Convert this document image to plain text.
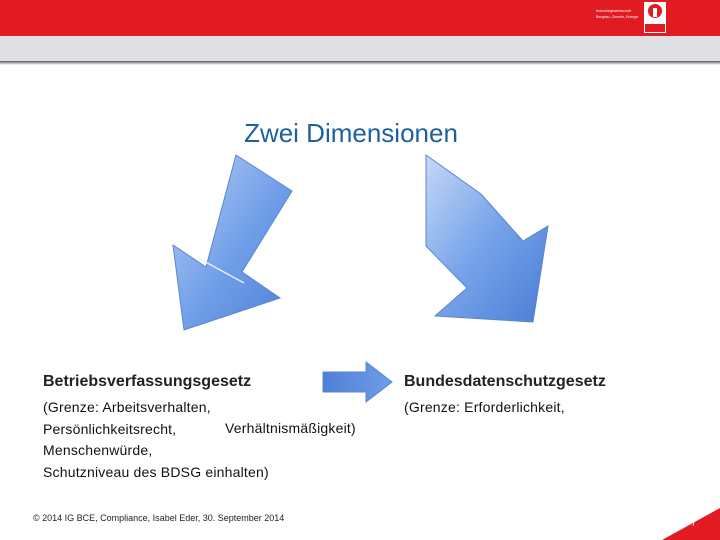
Industriegewerkschaft
Bergbau, Chemie, Energie
Zwei Dimensionen
Betriebsverfassungsgesetz	Bundesdatenschutzgesetz
(Grenze: Arbeitsverhalten,
Persönlichkeitsrecht,
Menschenwürde,
Schutzniveau des BDSG einhalten)
(Grenze: Erforderlichkeit,
Verhältnismäßigkeit)
© 2014 IG BCE, Compliance, Isabel Eder, 30. September 2014	7
